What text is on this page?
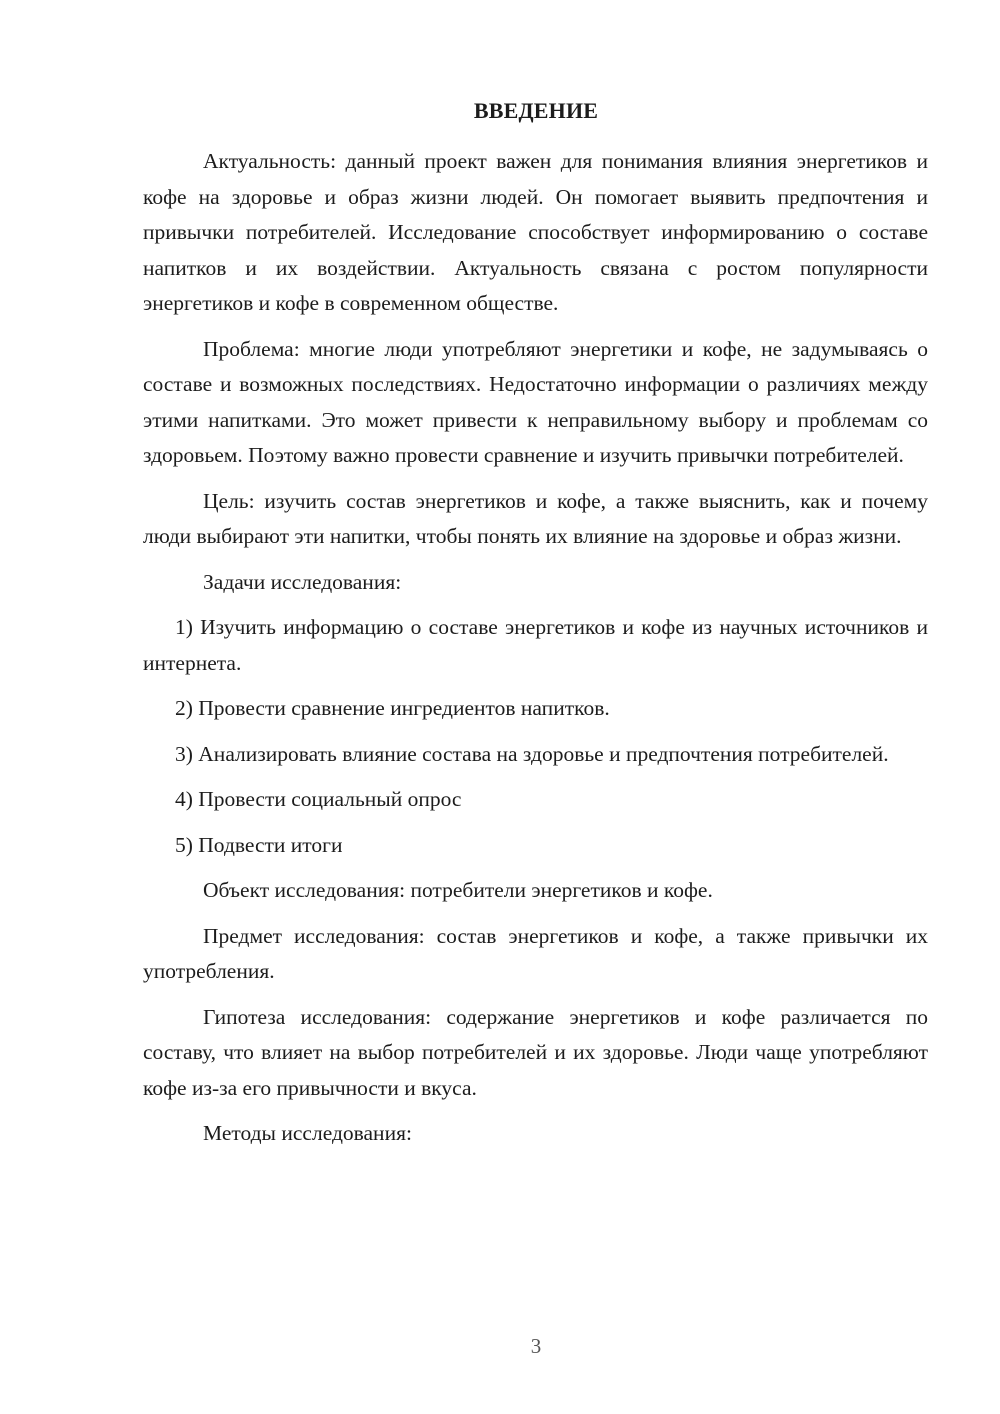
ВВЕДЕНИЕ

Актуальность: данный проект важен для понимания влияния энергетиков и кофе на здоровье и образ жизни людей. Он помогает выявить предпочтения и привычки потребителей. Исследование способствует информированию о составе напитков и их воздействии. Актуальность связана с ростом популярности энергетиков и кофе в современном обществе.

Проблема: многие люди употребляют энергетики и кофе, не задумываясь о составе и возможных последствиях. Недостаточно информации о различиях между этими напитками. Это может привести к неправильному выбору и проблемам со здоровьем. Поэтому важно провести сравнение и изучить привычки потребителей.

Цель: изучить состав энергетиков и кофе, а также выяснить, как и почему люди выбирают эти напитки, чтобы понять их влияние на здоровье и образ жизни.

Задачи исследования:

1) Изучить информацию о составе энергетиков и кофе из научных источников и интернета.

2) Провести сравнение ингредиентов напитков.

3) Анализировать влияние состава на здоровье и предпочтения потребителей.

4) Провести социальный опрос

5) Подвести итоги

Объект исследования: потребители энергетиков и кофе.

Предмет исследования: состав энергетиков и кофе, а также привычки их употребления.

Гипотеза исследования: содержание энергетиков и кофе различается по составу, что влияет на выбор потребителей и их здоровье. Люди чаще употребляют кофе из-за его привычности и вкуса.

Методы исследования:

3
